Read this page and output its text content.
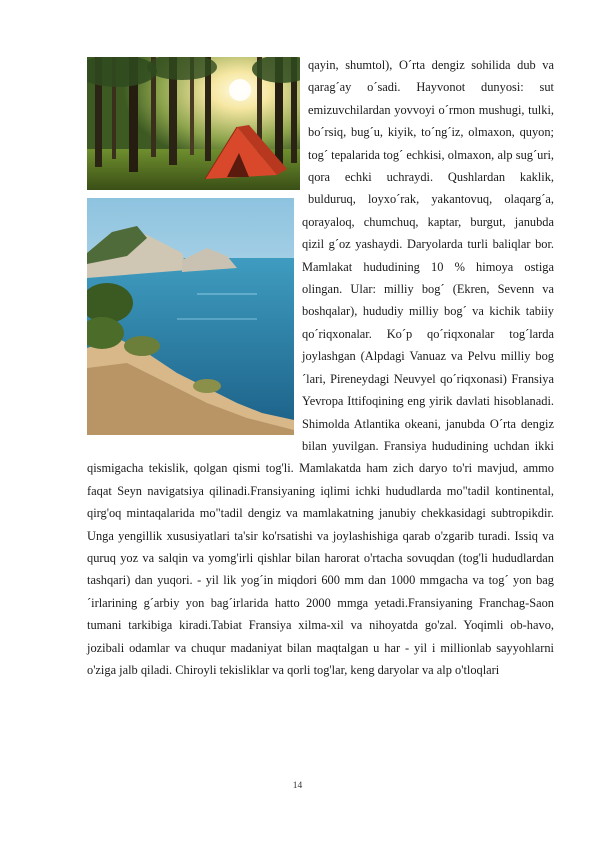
qayin, shumtol), O´rta dengiz sohilida dub va qarag´ay o´sadi. Hayvonot dunyosi: sut emizuvchilardan yovvoyi o´rmon mushugi, tulki, bo´rsiq, bug´u, kiyik, to´ng´iz, olmaxon, quyon; tog´ tepalarida tog´ echkisi, olmaxon, alp sug´uri, qora echki uchraydi. Qushlardan kaklik, bulduruq, loyxo´rak, yakantovuq, olaqarg´a, qorayaloq, chumchuq, kaptar, burgut, janubda qizil g´oz yashaydi. Daryolarda turli baliqlar bor. Mamlakat hududining 10 % himoya ostiga olingan. Ular: milliy bog´ (Ekren, Sevenn va boshqalar), hududiy milliy bog´ va kichik tabiiy qo´riqxonalar. Ko´p qo´riqxonalar tog´larda joylashgan (Alpdagi Vanuaz va Pelvu milliy bog´lari, Pireneydagi Neuvyel qo´riqxonasi) Fransiya Yevropa Ittifoqining eng yirik davlati hisoblanadi. Shimolda Atlantika okeani, janubda O´rta dengiz bilan yuvilgan. Fransiya hududining uchdan ikki qismigacha tekislik, qolgan qismi tog'li. Mamlakatda ham zich daryo to'ri mavjud, ammo faqat Seyn navigatsiya qilinadi.Fransiyaning iqlimi ichki hududlarda mo"tadil kontinental, qirg'oq mintaqalarida mo"tadil dengiz va mamlakatning janubiy chekkasidagi subtropikdir. Unga yengillik xususiyatlari ta'sir ko'rsatishi va joylashishiga qarab o'zgarib turadi. Issiq va quruq yoz va salqin va yomg'irli qishlar bilan harorat o'rtacha sovuqdan (tog'li hududlardan tashqari) dan yuqori. - yil lik yog´in miqdori 600 mm dan 1000 mmgacha va tog´ yon bag´irlarining g´arbiy yon bag´irlarida hatto 2000 mmga yetadi.Fransiyaning Franchag-Saon tumani tarkibiga kiradi.Tabiat Fransiya xilma-xil va nihoyatda go'zal. Yoqimli ob-havo, jozibali odamlar va chuqur madaniyat bilan maqtalgan u har - yil i millionlab sayyohlarni o'ziga jalb qiladi. Chiroyli tekisliklar va qorli tog'lar, keng daryolar va alp o'tloqlari
14
